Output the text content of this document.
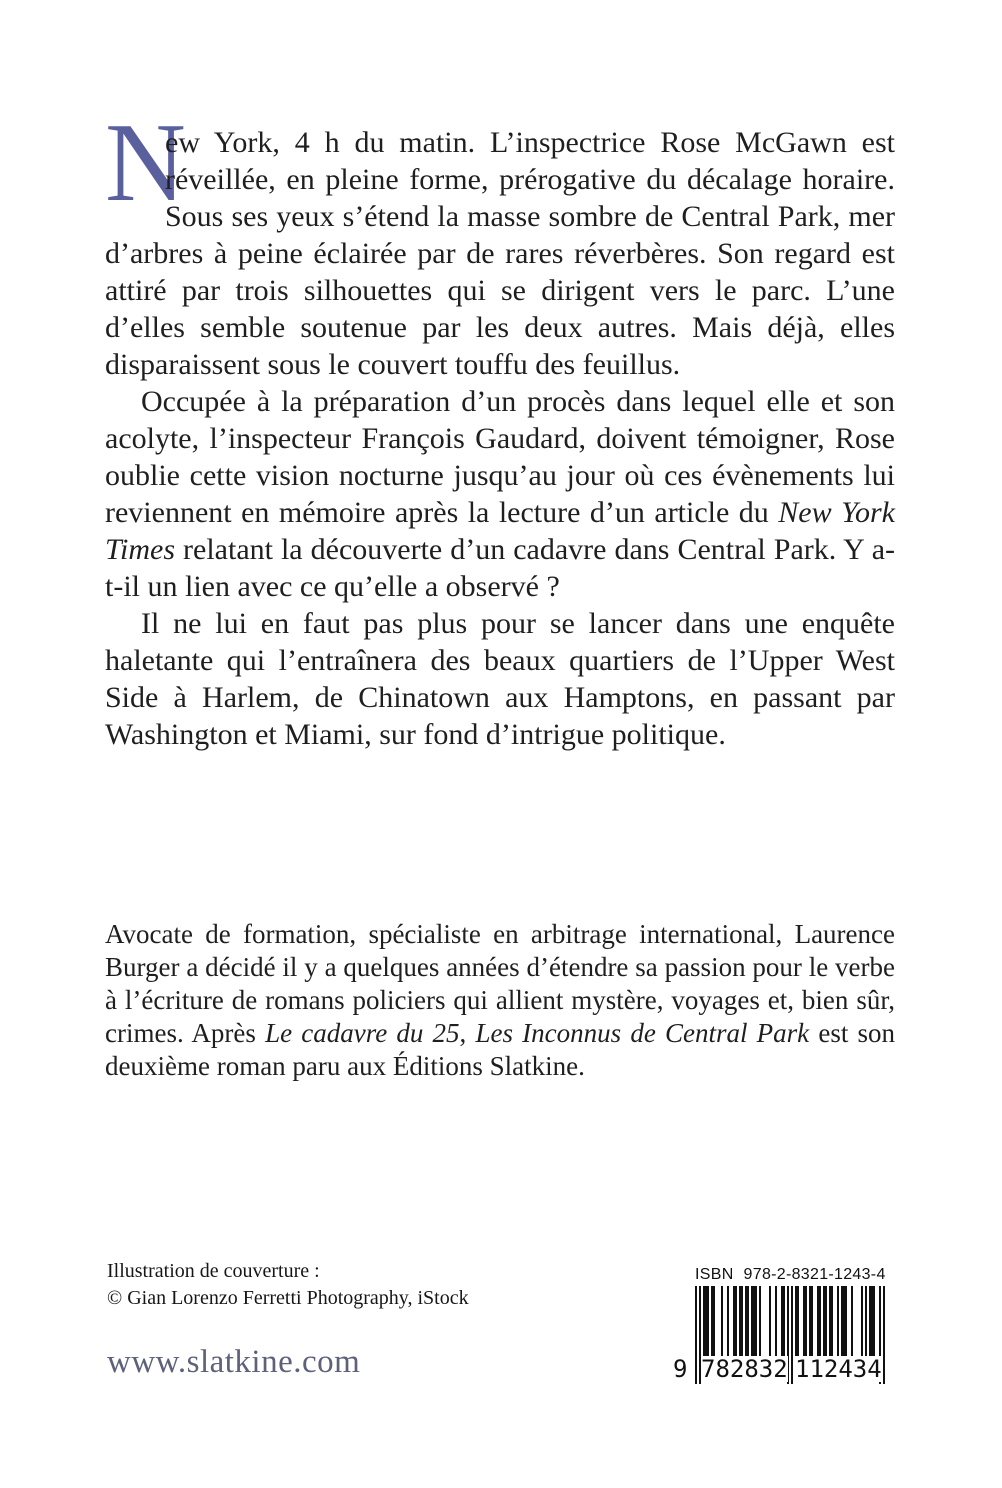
N
ew York, 4 h du matin. L’inspectrice Rose McGawn est réveillée, en pleine forme, prérogative du décalage horaire. Sous ses yeux s’étend la masse sombre de Central Park, mer d’arbres à peine éclairée par de rares réverbères. Son regard est attiré par trois silhouettes qui se dirigent vers le parc. L’une d’elles semble soutenue par les deux autres. Mais déjà, elles disparaissent sous le couvert touffu des feuillus.

Occupée à la préparation d’un procès dans lequel elle et son acolyte, l’inspecteur François Gaudard, doivent témoigner, Rose oublie cette vision nocturne jusqu’au jour où ces évènements lui reviennent en mémoire après la lecture d’un article du New York Times relatant la découverte d’un cadavre dans Central Park. Y a-t-il un lien avec ce qu’elle a observé ?

Il ne lui en faut pas plus pour se lancer dans une enquête haletante qui l’entraînera des beaux quartiers de l’Upper West Side à Harlem, de Chinatown aux Hamptons, en passant par Washington et Miami, sur fond d’intrigue politique.

Avocate de formation, spécialiste en arbitrage international, Laurence Burger a décidé il y a quelques années d’étendre sa passion pour le verbe à l’écriture de romans policiers qui allient mystère, voyages et, bien sûr, crimes. Après Le cadavre du 25, Les Inconnus de Central Park est son deuxième roman paru aux Éditions Slatkine.
Illustration de couverture :
© Gian Lorenzo Ferretti Photography, iStock
www.slatkine.com
ISBN 978-2-8321-1243-4
9 782832 112434
